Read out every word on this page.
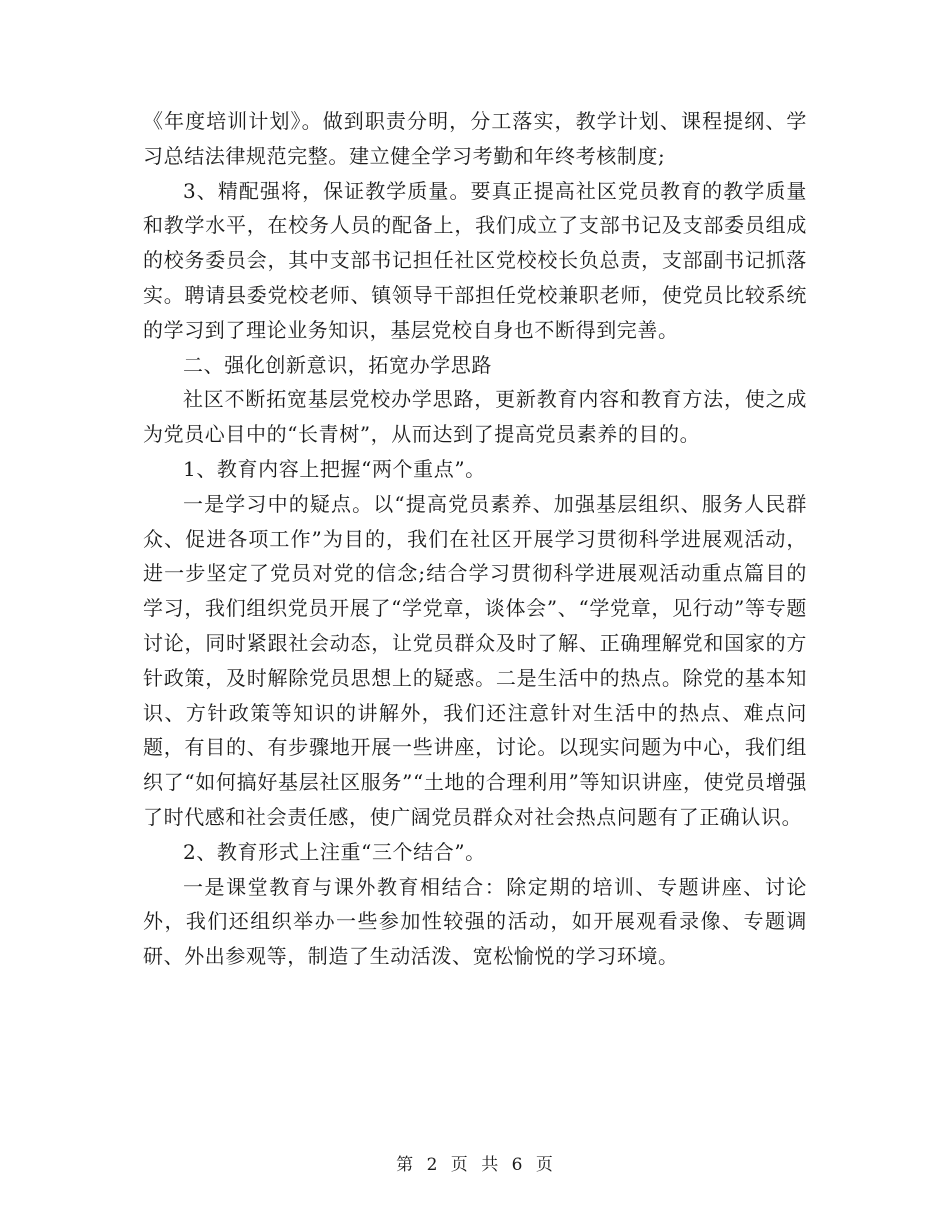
《年度培训计划》。做到职责分明，分工落实，教学计划、课程提纲、学习总结法律规范完整。建立健全学习考勤和年终考核制度;

3、精配强将，保证教学质量。要真正提高社区党员教育的教学质量和教学水平，在校务人员的配备上，我们成立了支部书记及支部委员组成的校务委员会，其中支部书记担任社区党校校长负总责，支部副书记抓落实。聘请县委党校老师、镇领导干部担任党校兼职老师，使党员比较系统的学习到了理论业务知识，基层党校自身也不断得到完善。

二、强化创新意识，拓宽办学思路

社区不断拓宽基层党校办学思路，更新教育内容和教育方法，使之成为党员心目中的“长青树”，从而达到了提高党员素养的目的。

1、教育内容上把握“两个重点”。

一是学习中的疑点。以“提高党员素养、加强基层组织、服务人民群众、促进各项工作”为目的，我们在社区开展学习贯彻科学进展观活动，进一步坚定了党员对党的信念;结合学习贯彻科学进展观活动重点篇目的学习，我们组织党员开展了“学党章，谈体会”、“学党章，见行动”等专题讨论，同时紧跟社会动态，让党员群众及时了解、正确理解党和国家的方针政策，及时解除党员思想上的疑惑。二是生活中的热点。除党的基本知识、方针政策等知识的讲解外，我们还注意针对生活中的热点、难点问题，有目的、有步骤地开展一些讲座，讨论。以现实问题为中心，我们组织了“如何搞好基层社区服务”“土地的合理利用”等知识讲座，使党员增强了时代感和社会责任感，使广阔党员群众对社会热点问题有了正确认识。

2、教育形式上注重“三个结合”。

一是课堂教育与课外教育相结合：除定期的培训、专题讲座、讨论外，我们还组织举办一些参加性较强的活动，如开展观看录像、专题调研、外出参观等，制造了生动活泼、宽松愉悦的学习环境。

第 2 页 共 6 页
